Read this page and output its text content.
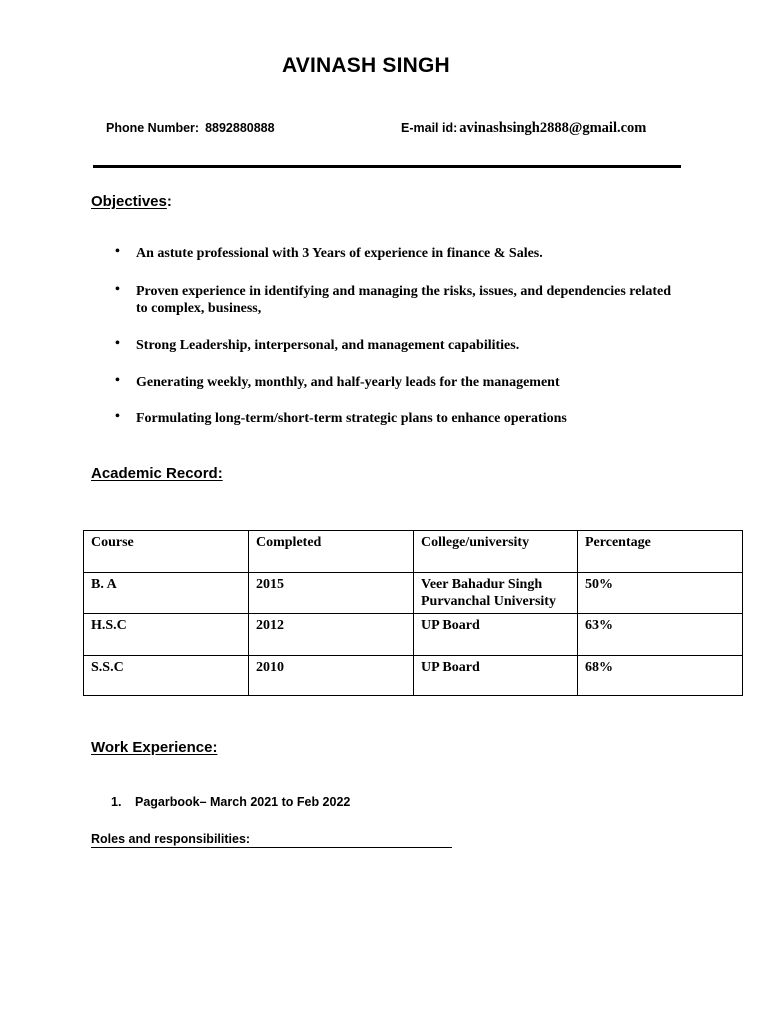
AVINASH SINGH
Phone Number: 8892880888	E-mail id: avinashsingh2888@gmail.com
Objectives:
• An astute professional with 3 Years of experience in finance & Sales.
• Proven experience in identifying and managing the risks, issues, and dependencies related to complex, business,
• Strong Leadership, interpersonal, and management capabilities.
• Generating weekly, monthly, and half-yearly leads for the management
• Formulating long-term/short-term strategic plans to enhance operations
Academic Record:
Course	Completed	College/university	Percentage
B. A	2015	Veer Bahadur Singh Purvanchal University	50%
H.S.C	2012	UP Board	63%
S.S.C	2010	UP Board	68%
Work Experience:
1. Pagarbook– March 2021 to Feb 2022
Roles and responsibilities:
